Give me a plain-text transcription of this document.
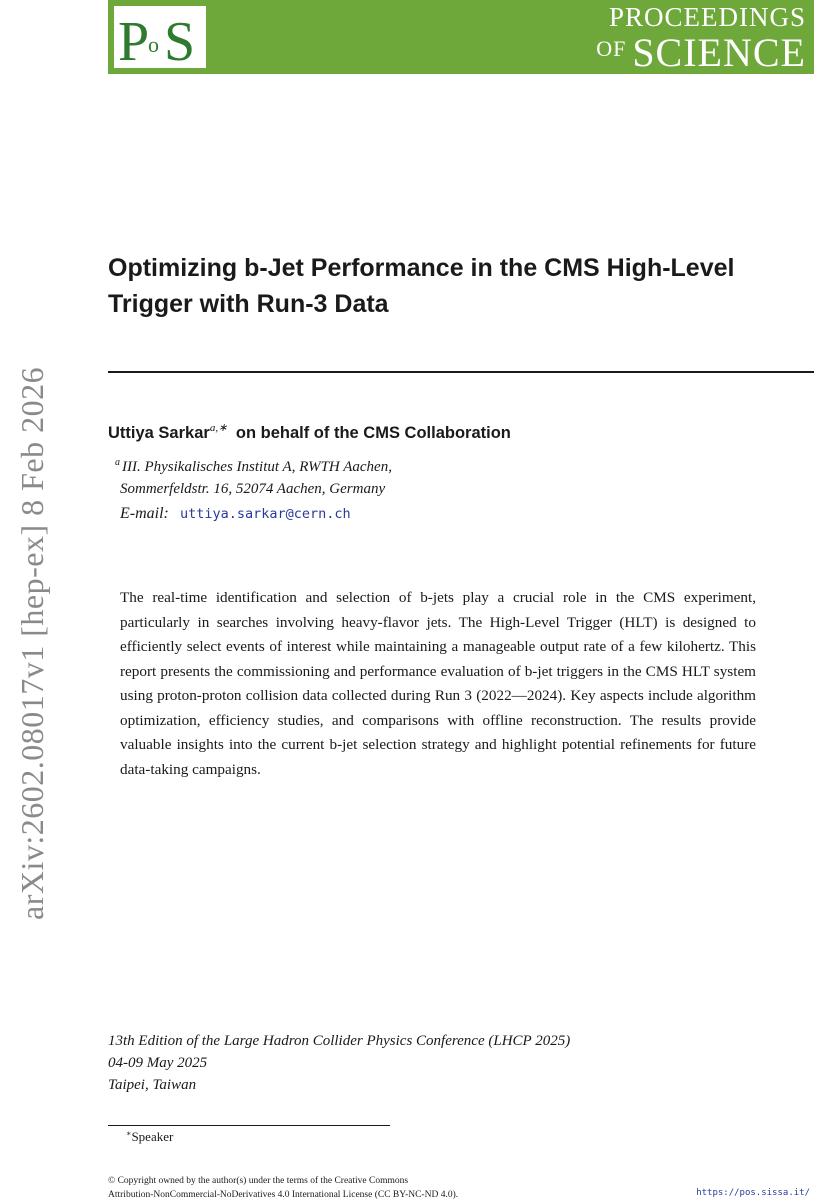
P
o S	PROCEEDINGS
OF SCIENCE
arXiv:2602.08017v1 [hep-ex] 8 Feb 2026
Optimizing b-Jet Performance in the CMS High-Level Trigger with Run-3 Data
Uttiya Sarkar$^{a,∗}$ on behalf of the CMS Collaboration
a III. Physikalisches Institut A, RWTH Aachen,
Sommerfeldstr. 16, 52074 Aachen, Germany
E-mail: uttiya.sarkar@cern.ch

The real-time identification and selection of b-jets play a crucial role in the CMS experiment, particularly in searches involving heavy-flavor jets. The High-Level Trigger (HLT) is designed to efficiently select events of interest while maintaining a manageable output rate of a few kilohertz. This report presents the commissioning and performance evaluation of b-jet triggers in the CMS HLT system using proton-proton collision data collected during Run 3 (2022—2024). Key aspects include algorithm optimization, efficiency studies, and comparisons with offline reconstruction. The results provide valuable insights into the current b-jet selection strategy and highlight potential refinements for future data-taking campaigns.

13th Edition of the Large Hadron Collider Physics Conference (LHCP 2025)
04-09 May 2025
Taipei, Taiwan
∗Speaker
© Copyright owned by the author(s) under the terms of the Creative Commons
Attribution-NonCommercial-NoDerivatives 4.0 International License (CC BY-NC-ND 4.0).	https://pos.sissa.it/
